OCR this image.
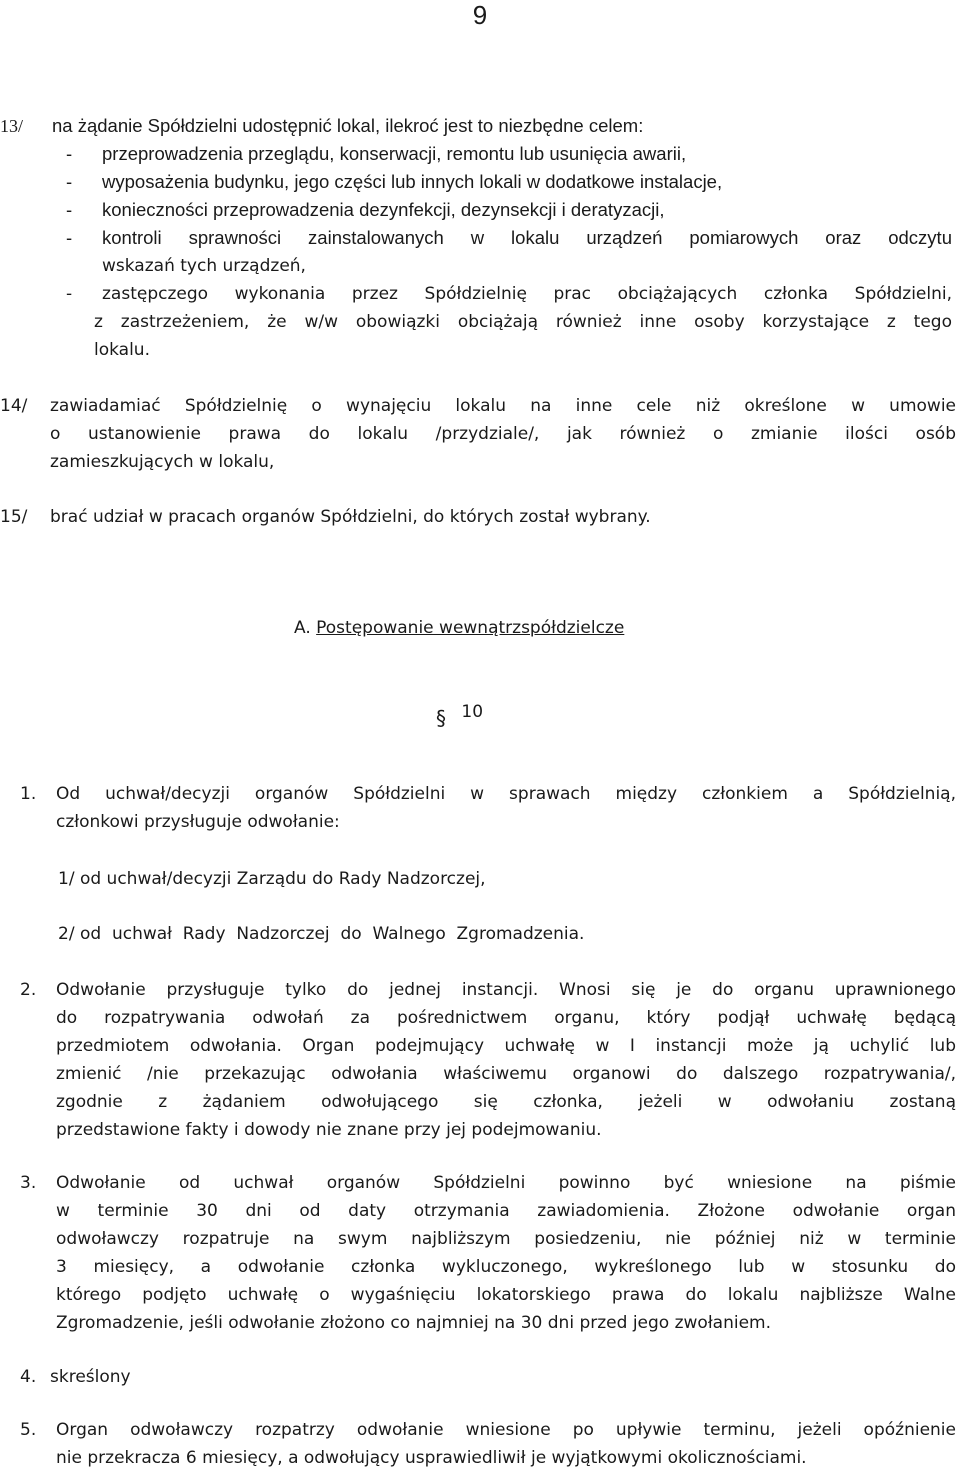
9
13/ na żądanie Spółdzielni udostępnić lokal, ilekroć jest to niezbędne celem:
- przeprowadzenia przeglądu, konserwacji, remontu lub usunięcia awarii,
- wyposażenia budynku, jego części lub innych lokali w dodatkowe instalacje,
- konieczności przeprowadzenia dezynfekcji, dezynsekcji i deratyzacji,
- kontroli sprawności zainstalowanych w lokalu urządzeń pomiarowych oraz odczytu
wskazań tych urządzeń,
- zastępczego wykonania przez Spółdzielnię prac obciążających członka Spółdzielni,
z zastrzeżeniem, że w/w obowiązki obciążają również inne osoby korzystające z tego
lokalu.
14/ zawiadamiać Spółdzielnię o wynajęciu lokalu na inne cele niż określone w umowie
o ustanowienie prawa do lokalu /przydziale/, jak również o zmianie ilości osób
zamieszkujących w lokalu,
15/ brać udział w pracach organów Spółdzielni, do których został wybrany.
A. Postępowanie wewnątrzspółdzielcze
§ 10
1. Od uchwał/decyzji organów Spółdzielni w sprawach między członkiem a Spółdzielnią,
członkowi przysługuje odwołanie:
1/ od uchwał/decyzji Zarządu do Rady Nadzorczej,
2/ od  uchwał  Rady  Nadzorczej  do  Walnego  Zgromadzenia.
2. Odwołanie przysługuje tylko do jednej instancji. Wnosi się je do organu uprawnionego
do rozpatrywania odwołań za pośrednictwem organu, który podjął uchwałę będącą
przedmiotem odwołania. Organ podejmujący uchwałę w I instancji może ją uchylić lub
zmienić /nie przekazując odwołania właściwemu organowi do dalszego rozpatrywania/,
zgodnie z żądaniem odwołującego się członka, jeżeli w odwołaniu zostaną
przedstawione fakty i dowody nie znane przy jej podejmowaniu.
3. Odwołanie od uchwał organów Spółdzielni powinno być wniesione na piśmie
w terminie 30 dni od daty otrzymania zawiadomienia. Złożone odwołanie organ
odwoławczy rozpatruje na swym najbliższym posiedzeniu, nie później niż w terminie
3 miesięcy, a odwołanie członka wykluczonego, wykreślonego lub w stosunku do
którego podjęto uchwałę o wygaśnięciu lokatorskiego prawa do lokalu najbliższe Walne
Zgromadzenie, jeśli odwołanie złożono co najmniej na 30 dni przed jego zwołaniem.
4. skreślony
5. Organ odwoławczy rozpatrzy odwołanie wniesione po upływie terminu, jeżeli opóźnienie
nie przekracza 6 miesięcy, a odwołujący usprawiedliwił je wyjątkowymi okolicznościami.
